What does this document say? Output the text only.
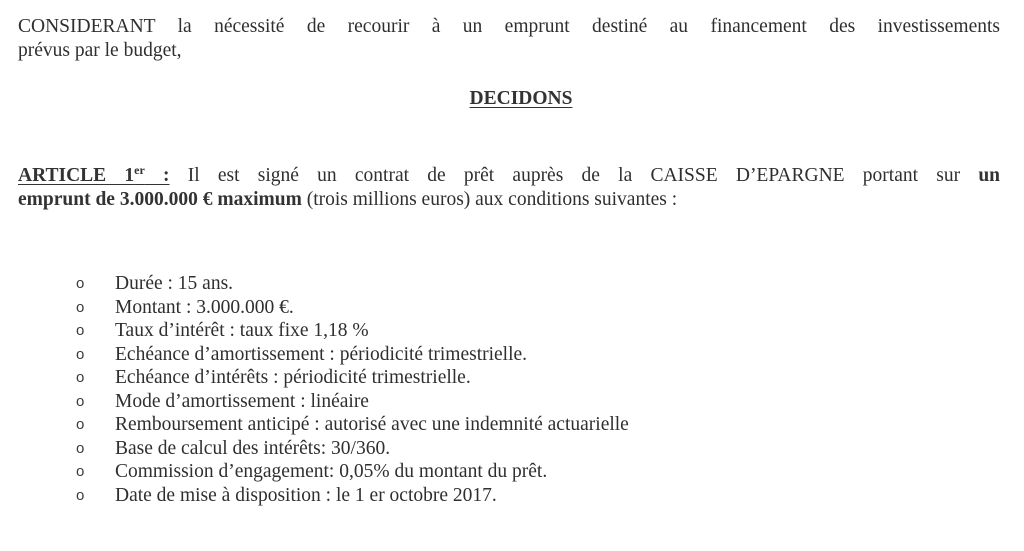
CONSIDERANT la nécessité de recourir à un emprunt destiné au financement des investissements
prévus par le budget,

DECIDONS

ARTICLE 1er : Il est signé un contrat de prêt auprès de la CAISSE D’EPARGNE portant sur un
emprunt de 3.000.000 € maximum (trois millions euros) aux conditions suivantes :

o Durée : 15 ans.
o Montant : 3.000.000 €.
o Taux d’intérêt : taux fixe 1,18 %
o Echéance d’amortissement : périodicité trimestrielle.
o Echéance d’intérêts : périodicité trimestrielle.
o Mode d’amortissement : linéaire
o Remboursement anticipé : autorisé avec une indemnité actuarielle
o Base de calcul des intérêts: 30/360.
o Commission d’engagement: 0,05% du montant du prêt.
o Date de mise à disposition : le 1 er octobre 2017.
